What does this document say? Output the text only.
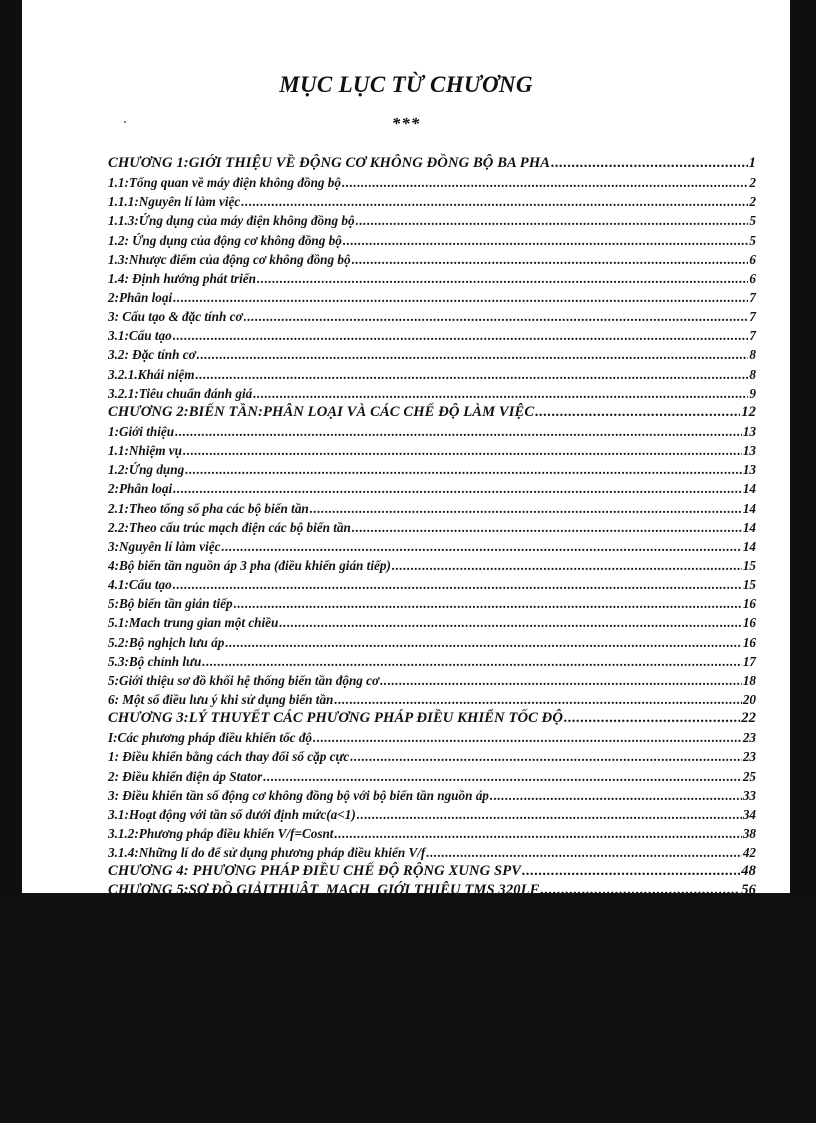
MỤC LỤC TỪ CHƯƠNG
***
CHƯƠNG 1:GIỚI THIỆU VỀ ĐỘNG CƠ KHÔNG ĐỒNG BỘ BA PHA .....	1
1.1:Tổng quan về máy điện không đồng bộ .....	2
1.1.1:Nguyên lí làm việc .....	2
1.1.3:Ứng dụng của máy điện không đồng bộ .....	5
1.2: Ứng dụng của động cơ không đồng bộ .....	5
1.3:Nhược điểm của động cơ không đồng bộ .....	6
1.4: Định hướng phát triển .....	6
2:Phân loại .....	7
3: Cấu tạo & đặc tính cơ .....	7
3.1:Cấu tạo .....	7
3.2: Đặc tính cơ .....	8
3.2.1.Khái niệm .....	8
3.2.1:Tiêu chuẩn đánh giá .....	9
CHƯƠNG 2:BIẾN TẦN:PHÂN LOẠI VÀ CÁC CHẾ ĐỘ LÀM VIỆC .....	12
1:Giới thiệu .....	13
1.1:Nhiệm vụ .....	13
1.2:Ứng dụng .....	13
2:Phân loại .....	14
2.1:Theo tổng số pha các bộ biến tần .....	14
2.2:Theo cấu trúc mạch điện các bộ biến tần .....	14
3:Nguyên lí làm việc .....	14
4:Bộ biến tần nguồn áp 3 pha (điều khiển gián tiếp) .....	15
4.1:Cấu tạo .....	15
5:Bộ biến tần gián tiếp .....	16
5.1:Mach trung gian một chiều .....	16
5.2:Bộ nghịch lưu áp .....	16
5.3:Bộ chỉnh lưu .....	17
5:Giới thiệu sơ đồ khối hệ thống biến tần động cơ .....	18
6: Một số điều lưu ý khi sử dụng biến tần .....	20
CHƯƠNG 3:LÝ THUYẾT CÁC PHƯƠNG PHÁP ĐIỀU KHIỂN TỐC ĐỘ .....	22
I:Các phương pháp điều khiển tốc độ .....	23
1: Điều khiển bằng cách thay đổi số cặp cực .....	23
2: Điều khiển điện áp Stator .....	25
3: Điều khiển tần số động cơ không đồng bộ với bộ biến tần nguồn áp .....	33
3.1:Hoạt động với tần số dưới định mức(a<1) .....	34
3.1.2:Phương pháp điều khiển V/f=Cosnt .....	38
3.1.4:Những lí do để sử dụng phương pháp điều khiển V/f .....	42
CHƯƠNG 4: PHƯƠNG PHÁP ĐIỀU CHẾ ĐỘ RỘNG XUNG SPV .....	48
CHƯƠNG 5:SƠ ĐỒ GIẢITHUẬT_MẠCH_GIỚI THIỆU TMS 320LF .....	56
2407_CHƯƠNG TRÌNH ĐIỀU KHIỂN .....	56
5.1:SƠ ĐỒ GIẢI THUẬT .....	57
5.2:MẠCH .....	58
